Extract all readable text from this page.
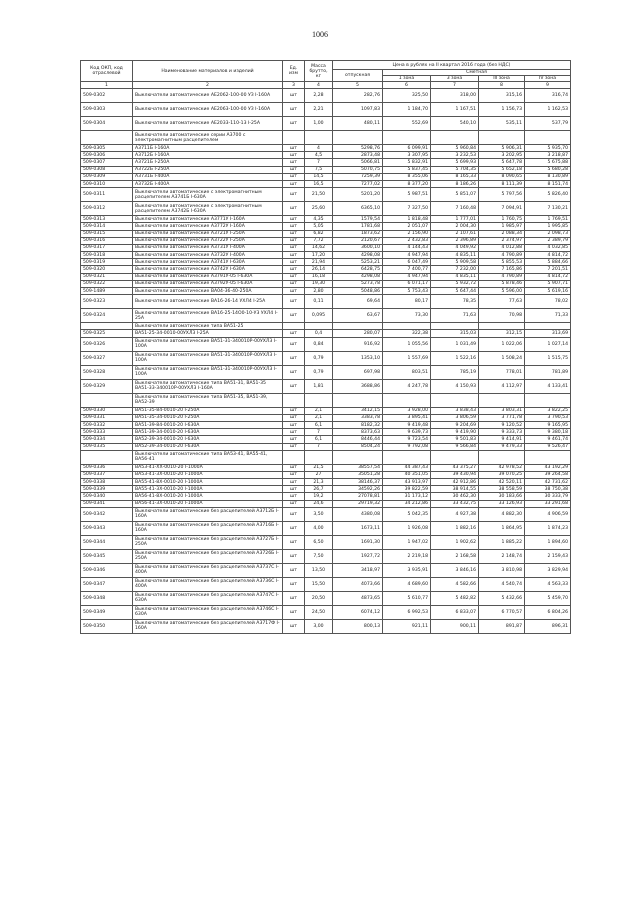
1006
Код ОКП, код отраслевой	Наименование материалов и изделий	Ед. изм	Масса брутто, кг	Цена в рублях на II квартал 2016 года (без НДС)				
				отпускная	Сметная			
					1 зона	3 зона	III зона	IV зона
1	2	3	4	5	6	7	8	9
509-0302	Выключатели автоматические АЕ2062-100-00 УЗ I-160А	шт	2,28	282,76	325,50	318,00	315,16	316,74
509-0303	Выключатели автоматические АЕ2063-100-00 УЗ I-160А	шт	2,21	1097,83	1 184,70	1 167,51	1 156,73	1 162,53
509-0304	Выключатели автоматические АЕ2033-110-13 I-25А	шт	1,00	480,11	552,69	540,10	535,11	537,79
	Выключатели автоматические серии А3700 с электромагнитным расцепителем							
509-0305	А3711Б I-160А	шт	4	5298,76	6 099,91	5 960,84	5 906,31	5 935,70
509-0306	А3712Б I-160А	шт	4,5	2873,48	3 307,95	3 232,53	3 202,95	3 218,87
509-0307	А3721Б I-250А	шт	7	5066,81	5 832,91	5 699,93	5 647,78	5 675,88
509-0308	А3722Б I-250А	шт	7,5	5070,75	5 837,45	5 704,35	5 652,18	5 680,28
509-0309	А3731Б I-400А	шт	14,5	7259,39	8 355,06	8 165,33	8 090,65	8 130,89
509-0310	А3732Б I-400А	шт	16,5	7277,02	8 377,20	8 186,26	8 111,39	8 151,74
509-0311	Выключатели автоматические с электромагнитным расцепителем А3741Б I-630А	шт	21,50	5201,20	5 987,51	5 851,07	5 797,56	5 826,40
509-0312	Выключатели автоматические с электромагнитным расцепителем А3742Б I-630А	шт	25,60	6365,10	7 327,50	7 160,48	7 094,91	7 130,21
509-0313	Выключатели автоматические А3771У I-160А	шт	4,35	1579,54	1 818,48	1 777,01	1 760,75	1 769,51
509-0314	Выключатели автоматические А3772У I-160А	шт	5,05	1781,68	2 051,07	2 004,30	1 985,97	1 995,85
509-0315	Выключатели автоматические А3721У I-250А	шт	6,82	1873,62	2 156,90	2 107,61	2 088,34	2 098,73
509-0316	Выключатели автоматические А3722У I-250А	шт	7,72	2120,67	2 432,83	2 396,89	2 374,97	2 389,79
509-0317	Выключатели автоматические А3731У I-400А	шт	14,62	3600,10	4 144,43	4 049,92	4 012,88	4 032,85
509-0318	Выключатели автоматические А3732У I-400А	шт	17,20	4298,08	4 947,94	4 835,11	4 790,89	4 814,72
509-0319	Выключатели автоматические А3741У I-630А	шт	21,94	5253,21	6 047,49	5 909,58	5 855,53	5 884,66
509-0320	Выключатели автоматические А3742У I-630А	шт	26,14	6428,75	7 400,77	7 232,00	7 165,86	7 201,51
509-0321	Выключатели автоматические А3791У-05 I-630А	шт	16,18	4298,08	4 947,94	4 835,11	4 790,89	4 814,72
509-0322	Выключатели автоматические А3792У-05 I-630А	шт	19,30	5273,78	6 071,17	5 932,72	5 878,46	5 907,71
509-1489	Выключатели автоматические ВА04-36-40-250А	шт	2,80	5048,86	5 753,43	5 647,44	5 596,00	5 619,16
509-0323	Выключатели автоматические ВА16-26-14 УХЛ4 I-25А	шт	0,11	69,64	80,17	78,35	77,63	78,02
509-0324	Выключатели автоматические ВА16-25-14О0-10-У3 УХЛ4 I-25А	шт	0,095	63,67	73,30	71,63	70,98	71,33
	Выключатели автоматические типа ВА51-25							
509-0325	ВА51-25-34-0010-00УХЛ3 I-25А	шт	0,4	280,07	322,38	315,03	312,15	313,69
509-0326	Выключатели автоматические ВА51-31-340010Р-00УХЛ3 I-100А	шт	0,84	916,92	1 055,56	1 031,49	1 022,06	1 027,14
509-0327	Выключатели автоматические ВА51-31-340010Р-00УХЛ3 I-100А	шт	0,79	1353,10	1 557,69	1 522,16	1 508,24	1 515,75
509-0328	Выключатели автоматические ВА51-31-340010Р-00УХЛ3 I-100А	шт	0,79	697,98	803,51	785,19	778,01	781,89
509-0329	Выключатели автоматические типа ВА51-31, ВА51-35 ВА51-33-340010Р-00УХЛ3 I-160А	шт	1,81	3688,86	4 247,78	4 150,93	4 112,97	4 133,41
	Выключатели автоматические типа ВА51-35, ВА51-39, ВА52-39							
509-0330	ВА51-35-84-0010-20 I-250А	шт	2,1	3412,15	3 928,00	3 838,43	3 803,31	3 822,25
509-0331	ВА51-35-34-0010-20 I-250А	шт	2,1	3383,78	3 895,41	3 806,59	3 771,78	3 790,53
509-0332	ВА51-39-84-0010-20 I-630А	шт	6,1	8182,32	9 419,48	9 204,69	9 120,52	9 165,95
509-0333	ВА51-39-34-0010-20 I-630А	шт	7	8373,63	9 639,73	9 419,90	9 333,73	9 380,18
509-0334	ВА52-39-34-0010-20 I-630А	шт	6,1	8446,44	9 723,54	9 501,83	9 414,91	9 461,74
509-0335	ВА52-39-34-0010-20 I-630А	шт	7	8504,24	9 792,08	9 566,84	9 479,33	9 526,47
	Выключатели автоматические типа ВА53-41, ВА55-41, ВА56-41							
509-0336	ВА53-41-ХХ-0010-20 I-1000А	шт	21,5	38557,54	44 387,43	43 375,27	42 978,52	43 192,29
509-0337	ВА53-41-3Х-0010-20 I-1000А	шт	27	35051,28	40 351,05	39 430,94	39 070,25	39 264,58
509-0338	ВА55-41-8Х-0010-20 I-1000А	шт	21,3	38146,37	43 913,97	42 912,86	42 520,11	42 731,62
509-0339	ВА55-41-3Х-0010-20 I-1000А	шт	26,7	34592,26	39 822,59	38 914,55	38 558,59	38 750,38
509-0340	ВА56-41-8Х-0010-20 I-1000А	шт	19,2	27078,81	31 173,12	30 462,30	30 183,66	30 333,79
509-0341	ВА56-41-3Х-0010-20 I-1000А	шт	24,6	29719,32	34 212,86	33 432,75	33 126,93	33 291,68
509-0342	Выключатели автоматические без расцепителей А3712Б I-160А	шт	3,50	4380,08	5 042,35	4 927,38	4 882,30	4 906,59
509-0343	Выключатели автоматические без расцепителей А3716Б I-160А	шт	4,00	1673,11	1 926,08	1 882,16	1 864,95	1 874,23
509-0344	Выключатели автоматические без расцепителей А3727Б I-250А	шт	6,50	1691,30	1 947,02	1 902,62	1 885,22	1 894,60
509-0345	Выключатели автоматические без расцепителей А3726Б I-250А	шт	7,50	1927,72	2 219,18	2 168,58	2 148,74	2 159,43
509-0346	Выключатели автоматические без расцепителей А3737С I-400А	шт	13,50	3418,97	3 935,91	3 846,16	3 810,98	3 829,94
509-0347	Выключатели автоматические без расцепителей А3736С I-400А	шт	15,50	4073,66	4 689,60	4 582,66	4 540,74	4 563,33
509-0348	Выключатели автоматические без расцепителей А3747С I-630А	шт	20,50	4873,65	5 610,77	5 482,82	5 432,66	5 459,70
509-0349	Выключатели автоматические без расцепителей А3746С I-630А	шт	24,50	6074,12	6 992,53	6 833,07	6 770,57	6 804,26
509-0350	Выключатели автоматические без расцепителей А3717Ф I-160А	шт	3,00	800,13	921,11	900,11	891,87	896,31
